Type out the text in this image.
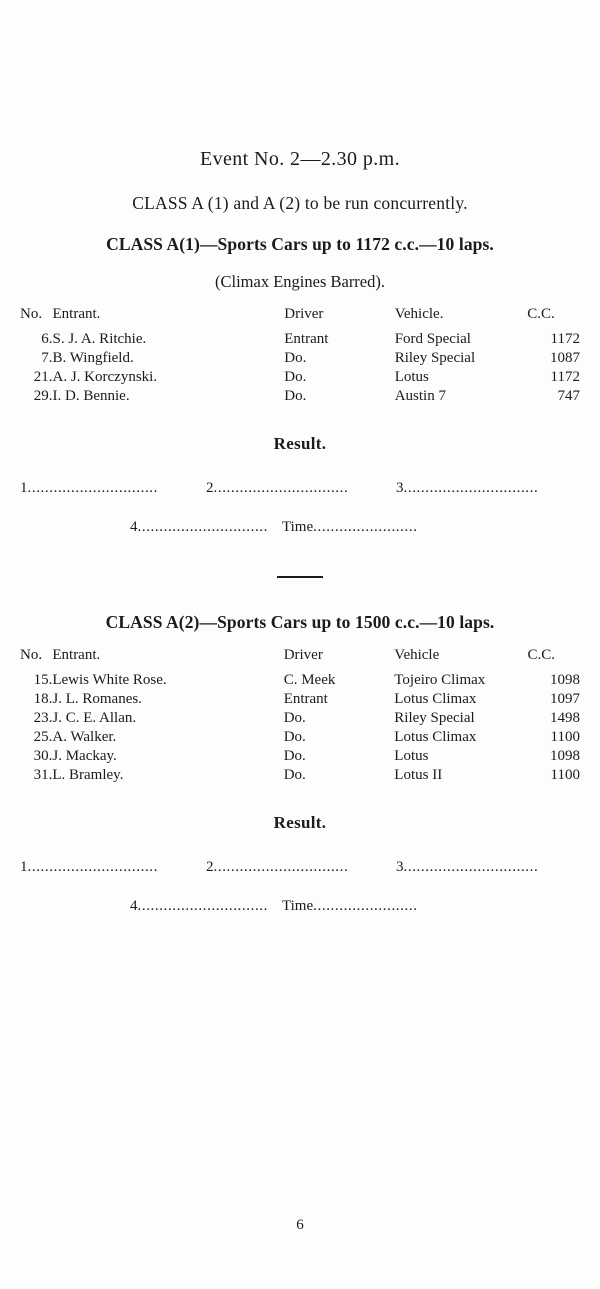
Event No. 2—2.30 p.m.
CLASS A (1) and A (2) to be run concurrently.
CLASS A(1)—Sports Cars up to 1172 c.c.—10 laps.
(Climax Engines Barred).
No.	Entrant.	Driver	Vehicle.	C.C.
6.	S. J. A. Ritchie.	Entrant	Ford Special	1172
7.	B. Wingfield.	Do.	Riley Special	1087
21.	A. J. Korczynski.	Do.	Lotus	1172
29.	I. D. Bennie.	Do.	Austin 7	747
Result.
1..............................	2...............................	3...............................
4.............................. Time........................
CLASS A(2)—Sports Cars up to 1500 c.c.—10 laps.
No.	Entrant.	Driver	Vehicle	C.C.
15.	Lewis White Rose.	C. Meek	Tojeiro Climax	1098
18.	J. L. Romanes.	Entrant	Lotus Climax	1097
23.	J. C. E. Allan.	Do.	Riley Special	1498
25.	A. Walker.	Do.	Lotus Climax	1100
30.	J. Mackay.	Do.	Lotus	1098
31.	L. Bramley.	Do.	Lotus II	1100
Result.
1..............................	2...............................	3...............................
4.............................. Time........................
6
